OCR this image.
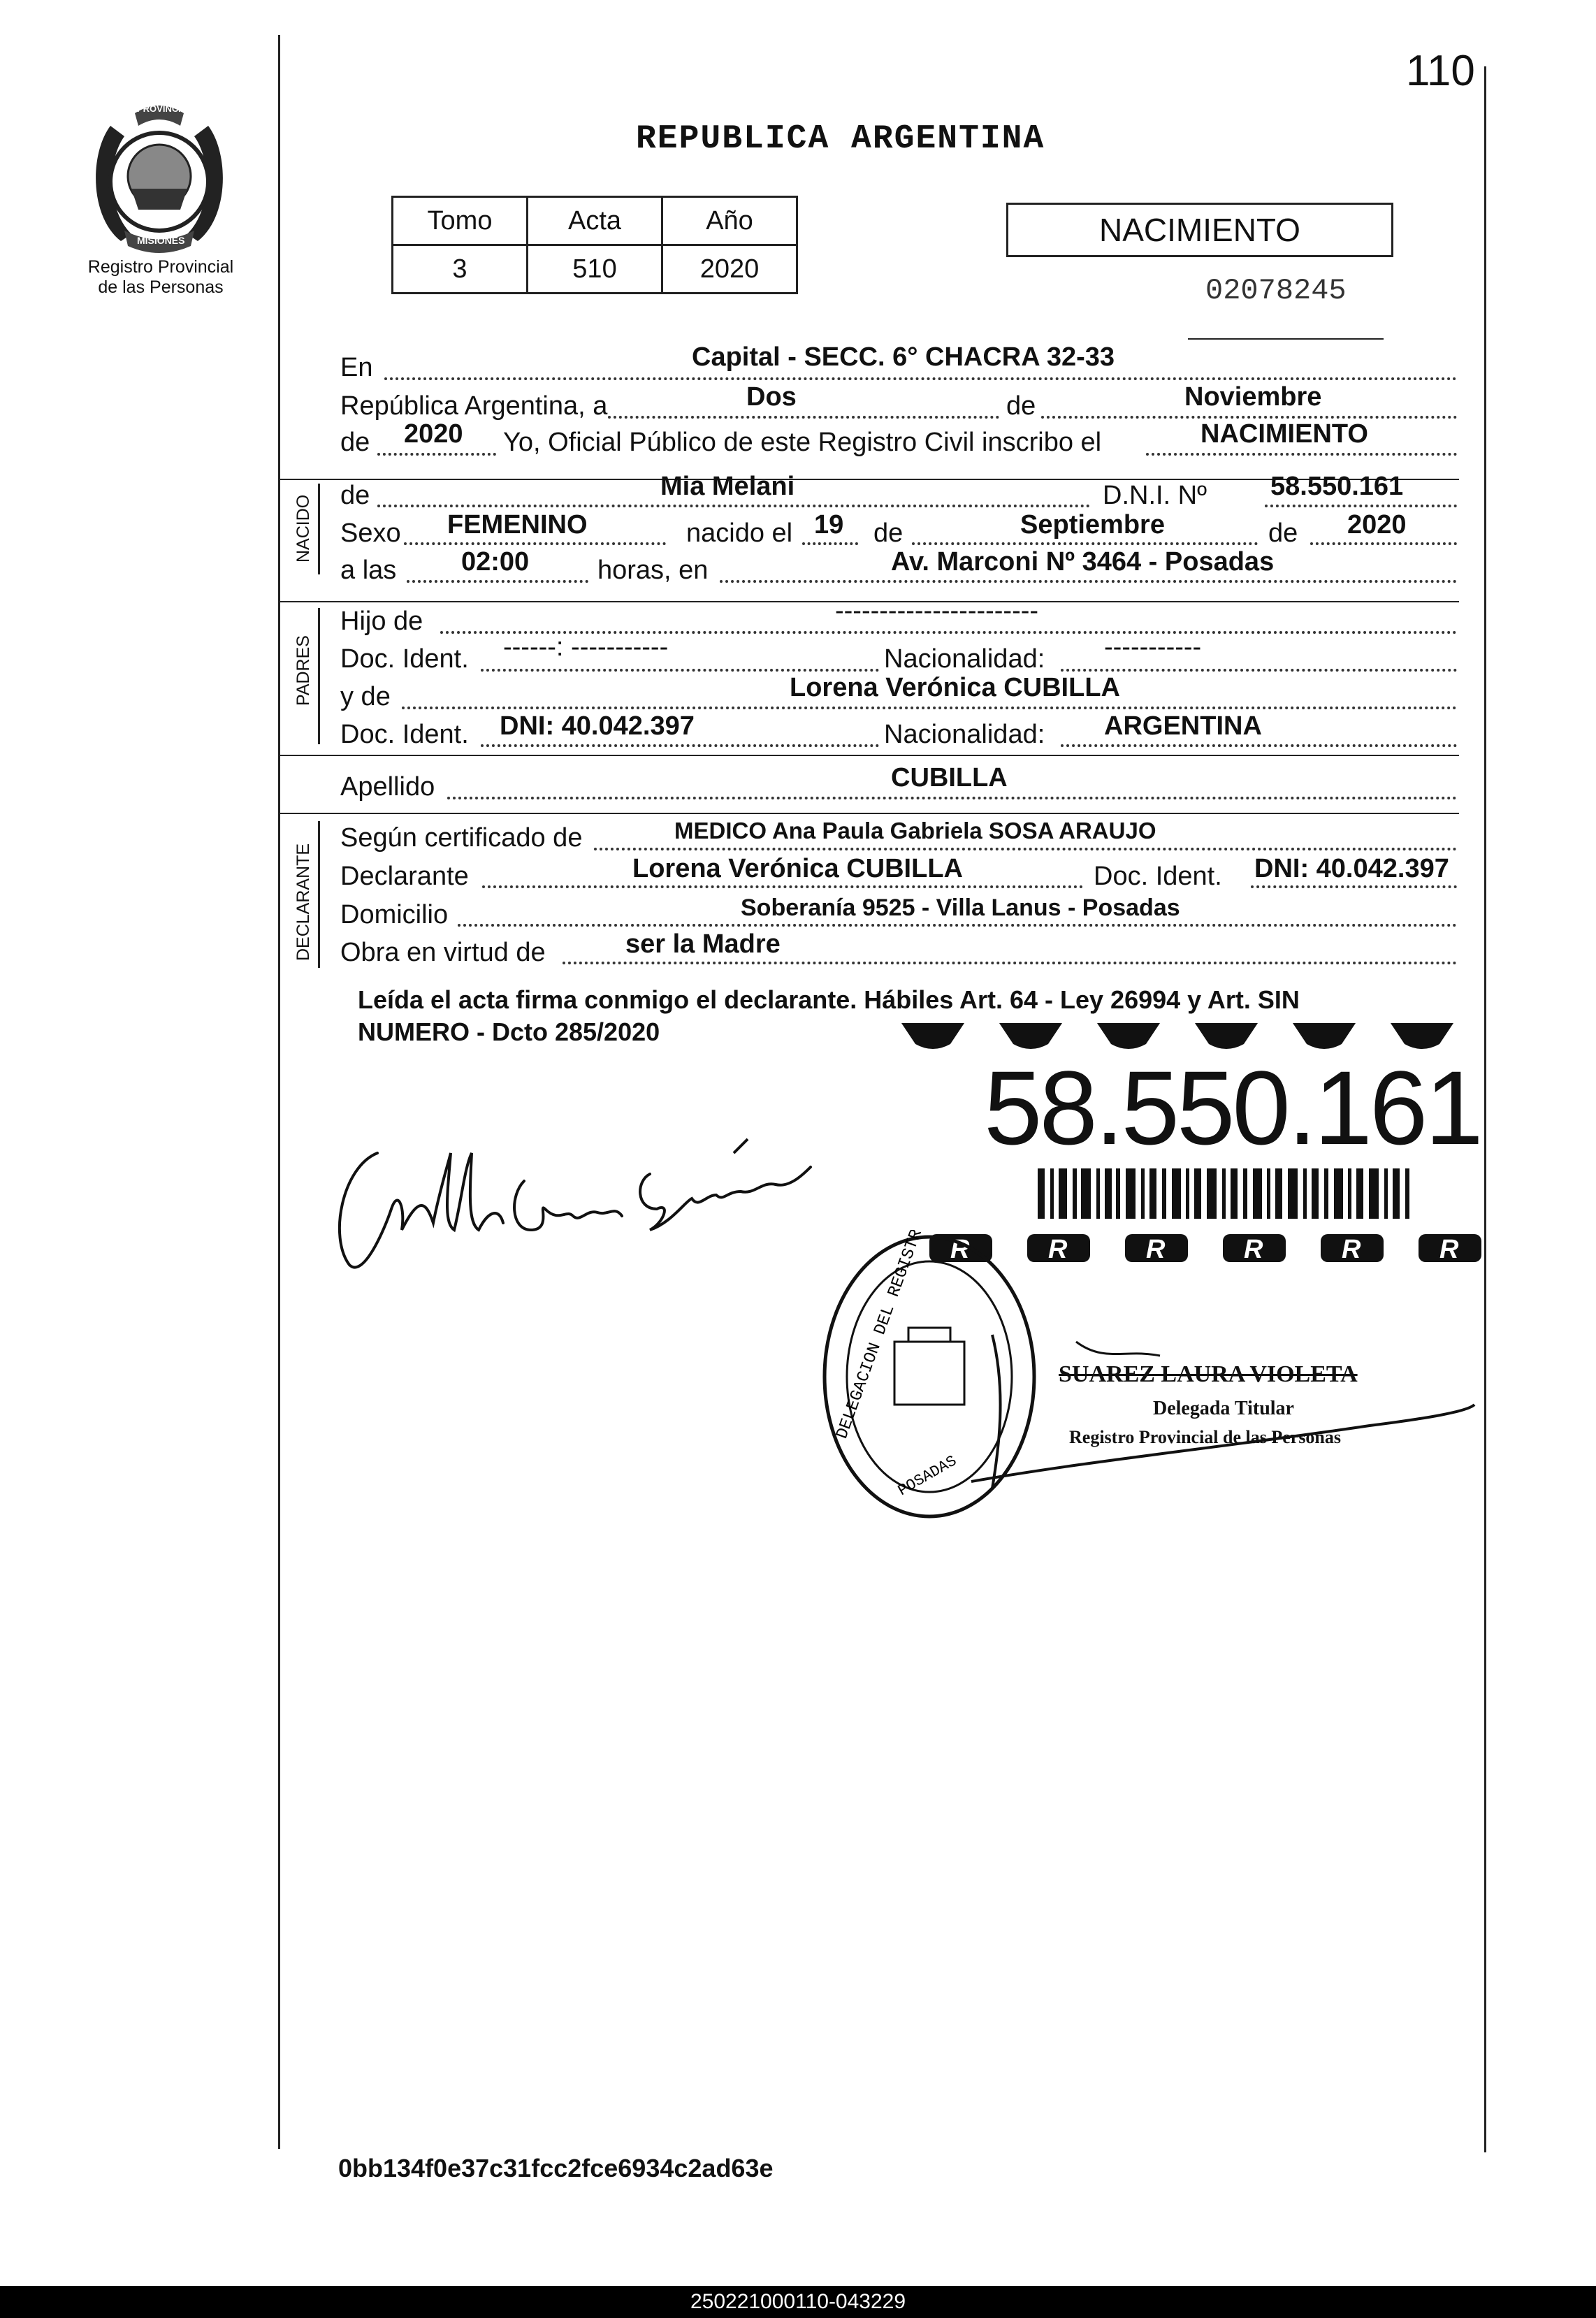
110
PROVINCIA DE
MISIONES
Registro Provincial
de las Personas
REPUBLICA ARGENTINA
Tomo	Acta	Año
3	510	2020
NACIMIENTO
02078245
En	Capital - SECC. 6° CHACRA 32-33
República Argentina, a	Dos	de	Noviembre
de 2020 Yo, Oficial Público de este Registro Civil inscribo el	NACIMIENTO
NACIDO de	Mia Melani	D.N.I. Nº 58.550.161
Sexo FEMENINO	nacido el 19 de	Septiembre	de 2020
a las 02:00	horas, en	Av. Marconi Nº 3464 - Posadas
PADRES
Hijo de	-----------------------
Doc. Ident. ------: -----------	Nacionalidad: -----------
y de	Lorena Verónica CUBILLA
Doc. Ident. DNI: 40.042.397	Nacionalidad: ARGENTINA
Apellido	CUBILLA
DECLARANTE
Según certificado de	MEDICO Ana Paula Gabriela SOSA ARAUJO
Declarante	Lorena Verónica CUBILLA	Doc. Ident. DNI: 40.042.397
Domicilio	Soberanía 9525 - Villa Lanus - Posadas
Obra en virtud de	ser la Madre
Leída el acta firma conmigo el declarante. Hábiles Art. 64 - Ley 26994 y Art. SIN
NUMERO - Dcto 285/2020
58.550.161
R	R	R	R	R	R
DELEGACION DEL REGISTRO
POSADAS
SUAREZ LAURA VIOLETA
Delegada Titular
Registro Provincial de las Personas
0bb134f0e37c31fcc2fce6934c2ad63e
250221000110-043229
